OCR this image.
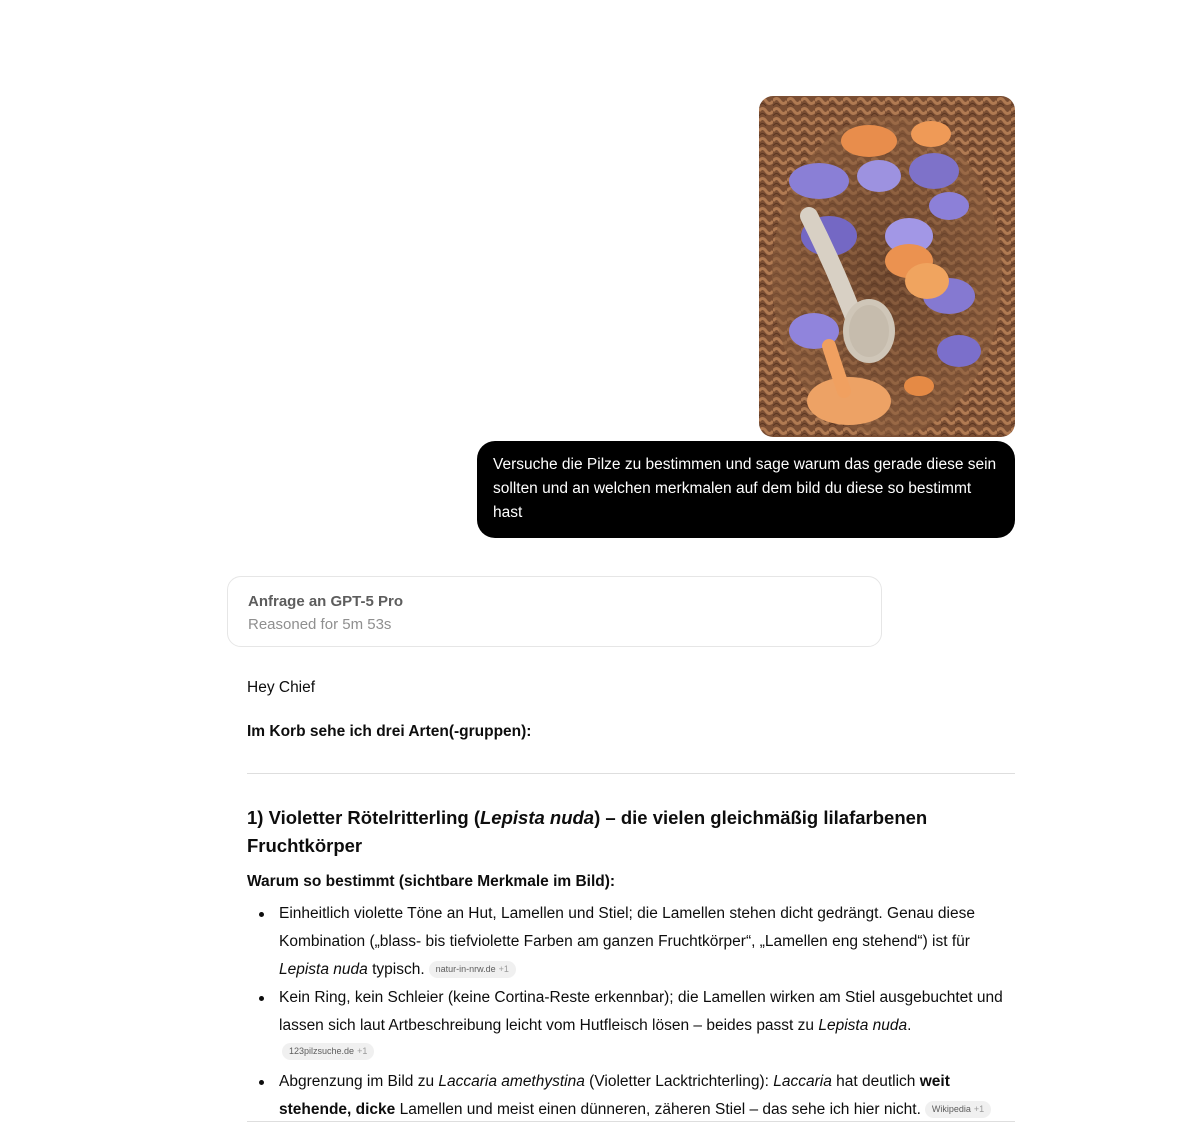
Versuche die Pilze zu bestimmen und sage warum das gerade diese sein sollten und an welchen merkmalen auf dem bild du diese so bestimmt hast
Anfrage an GPT-5 Pro
Reasoned for 5m 53s

Hey Chief

Im Korb sehe ich drei Arten(-gruppen):

1) Violetter Rötelritterling (Lepista nuda) – die vielen gleichmäßig lilafarbenen Fruchtkörper

Warum so bestimmt (sichtbare Merkmale im Bild):

Einheitlich violette Töne an Hut, Lamellen und Stiel; die Lamellen stehen dicht gedrängt. Genau diese Kombination („blass- bis tiefviolette Farben am ganzen Fruchtkörper“, „Lamellen eng stehend“) ist für Lepista nuda typisch. natur-in-nrw.de +1
Kein Ring, kein Schleier (keine Cortina-Reste erkennbar); die Lamellen wirken am Stiel ausgebuchtet und lassen sich laut Artbeschreibung leicht vom Hutfleisch lösen – beides passt zu Lepista nuda.
123pilzsuche.de +1
Abgrenzung im Bild zu Laccaria amethystina (Violetter Lacktrichterling): Laccaria hat deutlich weit stehende, dicke Lamellen und meist einen dünneren, zäheren Stiel – das sehe ich hier nicht. Wikipedia +1
